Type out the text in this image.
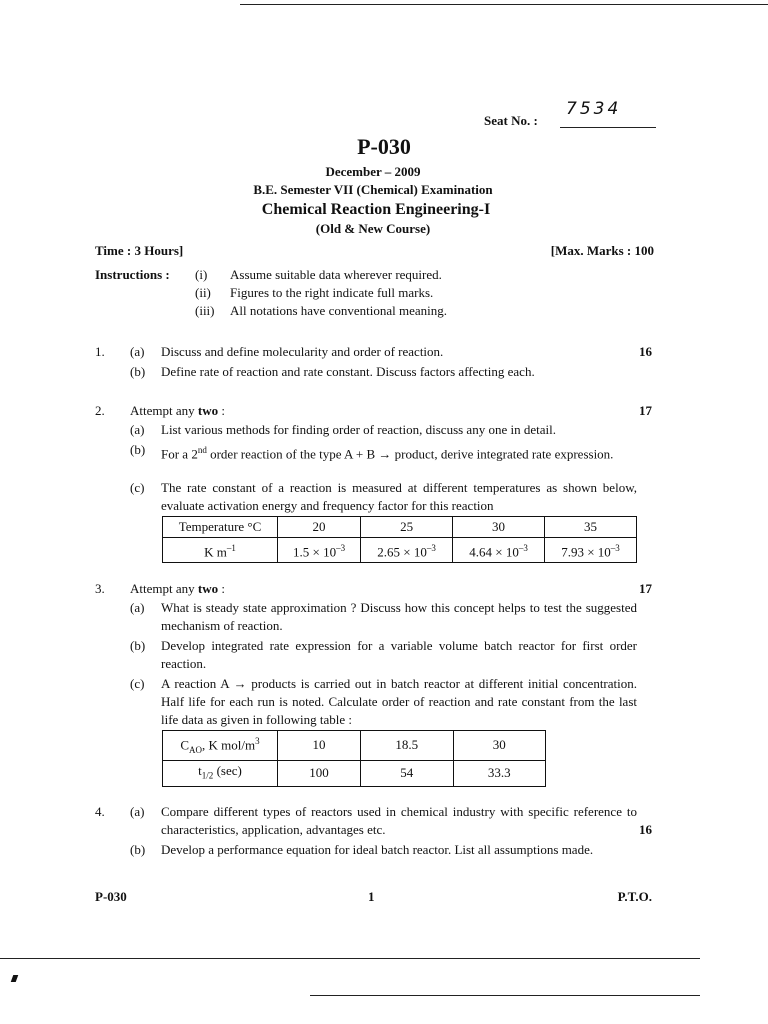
Seat No. :
7534
P-030
December – 2009
B.E. Semester VII (Chemical) Examination
Chemical Reaction Engineering-I
(Old & New Course)
Time : 3 Hours]	[Max. Marks : 100
Instructions : (i) Assume suitable data wherever required.
(ii) Figures to the right indicate full marks.
(iii) All notations have conventional meaning.
1.	(a)	Discuss and define molecularity and order of reaction.	16
(b)	Define rate of reaction and rate constant. Discuss factors affecting each.
2.	Attempt any two :	17
(a)	List various methods for finding order of reaction, discuss any one in detail.
(b)	For a 2nd order reaction of the type A + B → product, derive integrated rate expression.
(c)	The rate constant of a reaction is measured at different temperatures as shown below, evaluate activation energy and frequency factor for this reaction
Temperature °C	20	25	30	35
K $m^{-1}$	$1.5 \times 10^{-3}$	$2.65 \times 10^{-3}$	$4.64 \times 10^{-3}$	$7.93 \times 10^{-3}$
3.	Attempt any two :	17
(a)	What is steady state approximation ? Discuss how this concept helps to test the suggested mechanism of reaction.
(b)	Develop integrated rate expression for a variable volume batch reactor for first order reaction.
(c)	A reaction A → products is carried out in batch reactor at different initial concentration. Half life for each run is noted. Calculate order of reaction and rate constant from the last life data as given in following table :
$C_{AO}$, K mol/$m^3$	10	18.5	30
$t_{1/2}$ (sec)	100	54	33.3
4.	(a)	Compare different types of reactors used in chemical industry with specific reference to characteristics, application, advantages etc.	16
(b)	Develop a performance equation for ideal batch reactor. List all assumptions made.
P-030	1	P.T.O.
